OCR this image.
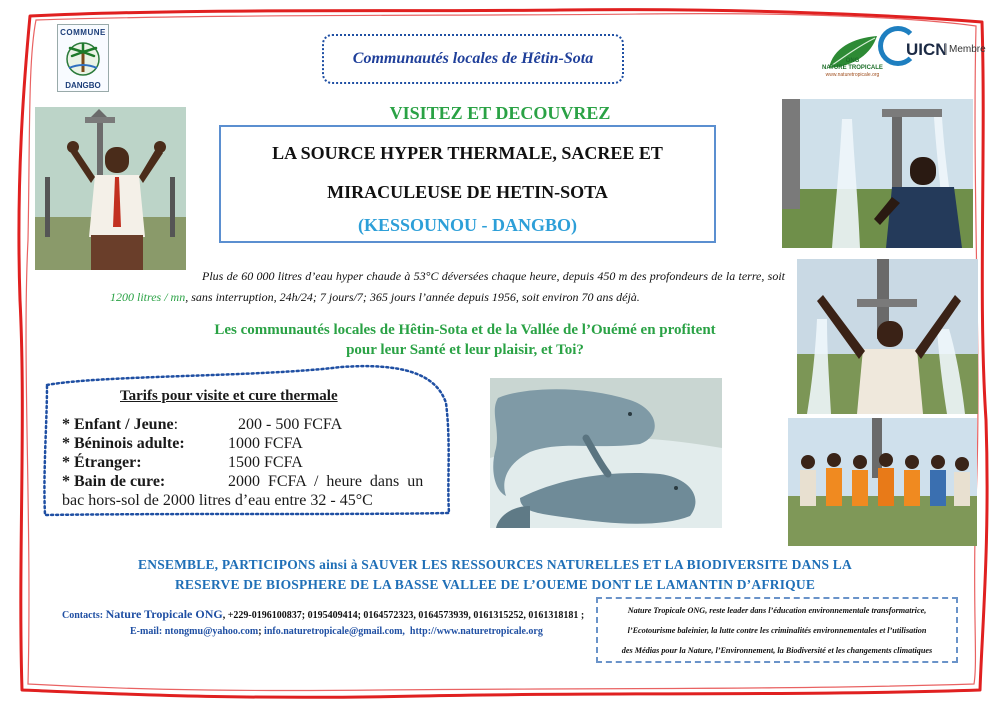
COMMUNE
DANGBO
Communautés locales de Hêtin-Sota	ONG
NATURE TROPICALE
www.naturetropicale.org
UICN Membre
VISITEZ ET DECOUVREZ
LA SOURCE HYPER THERMALE, SACREE ET
MIRACULEUSE DE HETIN-SOTA
(KESSOUNOU - DANGBO)
Plus de 60 000 litres d’eau hyper chaude à 53°C déversées chaque heure, depuis 450 m des profondeurs de la terre, soit 1200 litres / mn, sans interruption, 24h/24; 7 jours/7; 365 jours l’année depuis 1956, soit environ 70 ans déjà.
Les communautés locales de Hêtin-Sota et de la Vallée de l’Ouémé en profitent
pour leur Santé et leur plaisir, et Toi?
Tarifs pour visite et cure thermale
* Enfant / Jeune:	200 - 500 FCFA
* Béninois adulte:	1000 FCFA
* Étranger:	1500 FCFA
* Bain de cure:	2000 FCFA / heure dans un
bac hors-sol de 2000 litres d’eau entre 32 - 45°C
ENSEMBLE, PARTICIPONS ainsi à SAUVER LES RESSOURCES NATURELLES ET LA BIODIVERSITE DANS LA
RESERVE DE BIOSPHERE DE LA BASSE VALLEE DE L’OUEME DONT LE LAMANTIN D’AFRIQUE
Contacts: Nature Tropicale ONG, +229-0196100837; 0195409414; 0164572323, 0164573939, 0161315252, 0161318181 ;
E-mail: ntongmu@yahoo.com; info.naturetropicale@gmail.com, http://www.naturetropicale.org
Nature Tropicale ONG, reste leader dans l’éducation environnementale transformatrice,
l’Ecotourisme baleinier, la lutte contre les criminalités environnementales et l’utilisation
des Médias pour la Nature, l’Environnement, la Biodiversité et les changements climatiques
